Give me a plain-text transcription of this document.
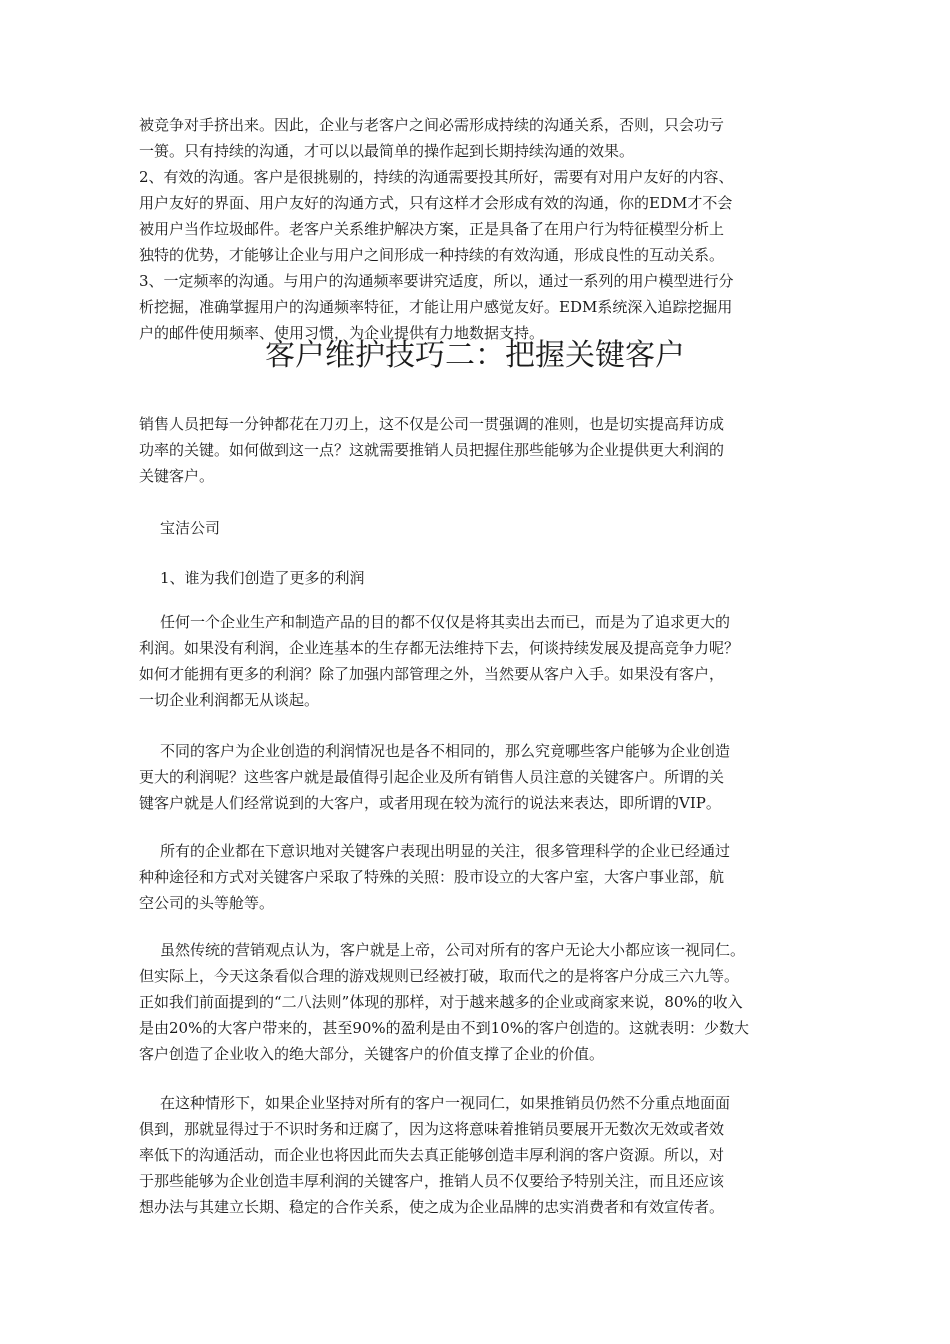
被竞争对手挤出来。因此，企业与老客户之间必需形成持续的沟通关系，否则，只会功亏
一篑。只有持续的沟通，才可以以最简单的操作起到长期持续沟通的效果。
2、有效的沟通。客户是很挑剔的，持续的沟通需要投其所好，需要有对用户友好的内容、
用户友好的界面、用户友好的沟通方式，只有这样才会形成有效的沟通，你的EDM才不会
被用户当作垃圾邮件。老客户关系维护解决方案，正是具备了在用户行为特征模型分析上
独特的优势，才能够让企业与用户之间形成一种持续的有效沟通，形成良性的互动关系。
3、一定频率的沟通。与用户的沟通频率要讲究适度，所以，通过一系列的用户模型进行分
析挖掘，准确掌握用户的沟通频率特征，才能让用户感觉友好。EDM系统深入追踪挖掘用
户的邮件使用频率、使用习惯，为企业提供有力地数据支持。
客户维护技巧二：把握关键客户
销售人员把每一分钟都花在刀刃上，这不仅是公司一贯强调的准则，也是切实提高拜访成
功率的关键。如何做到这一点？这就需要推销人员把握住那些能够为企业提供更大利润的
关键客户。
宝洁公司
1、谁为我们创造了更多的利润
任何一个企业生产和制造产品的目的都不仅仅是将其卖出去而已，而是为了追求更大的
利润。如果没有利润，企业连基本的生存都无法维持下去，何谈持续发展及提高竞争力呢？
如何才能拥有更多的利润？除了加强内部管理之外，当然要从客户入手。如果没有客户，
一切企业利润都无从谈起。
不同的客户为企业创造的利润情况也是各不相同的，那么究竟哪些客户能够为企业创造
更大的利润呢？这些客户就是最值得引起企业及所有销售人员注意的关键客户。所谓的关
键客户就是人们经常说到的大客户，或者用现在较为流行的说法来表达，即所谓的VIP。
所有的企业都在下意识地对关键客户表现出明显的关注，很多管理科学的企业已经通过
种种途径和方式对关键客户采取了特殊的关照：股市设立的大客户室，大客户事业部，航
空公司的头等舱等。
虽然传统的营销观点认为，客户就是上帝，公司对所有的客户无论大小都应该一视同仁。
但实际上，今天这条看似合理的游戏规则已经被打破，取而代之的是将客户分成三六九等。
正如我们前面提到的“二八法则”体现的那样，对于越来越多的企业或商家来说，80%的收入
是由20%的大客户带来的，甚至90%的盈利是由不到10%的客户创造的。这就表明：少数大
客户创造了企业收入的绝大部分，关键客户的价值支撑了企业的价值。
在这种情形下，如果企业坚持对所有的客户一视同仁，如果推销员仍然不分重点地面面
俱到，那就显得过于不识时务和迂腐了，因为这将意味着推销员要展开无数次无效或者效
率低下的沟通活动，而企业也将因此而失去真正能够创造丰厚利润的客户资源。所以，对
于那些能够为企业创造丰厚利润的关键客户，推销人员不仅要给予特别关注，而且还应该
想办法与其建立长期、稳定的合作关系，使之成为企业品牌的忠实消费者和有效宣传者。
